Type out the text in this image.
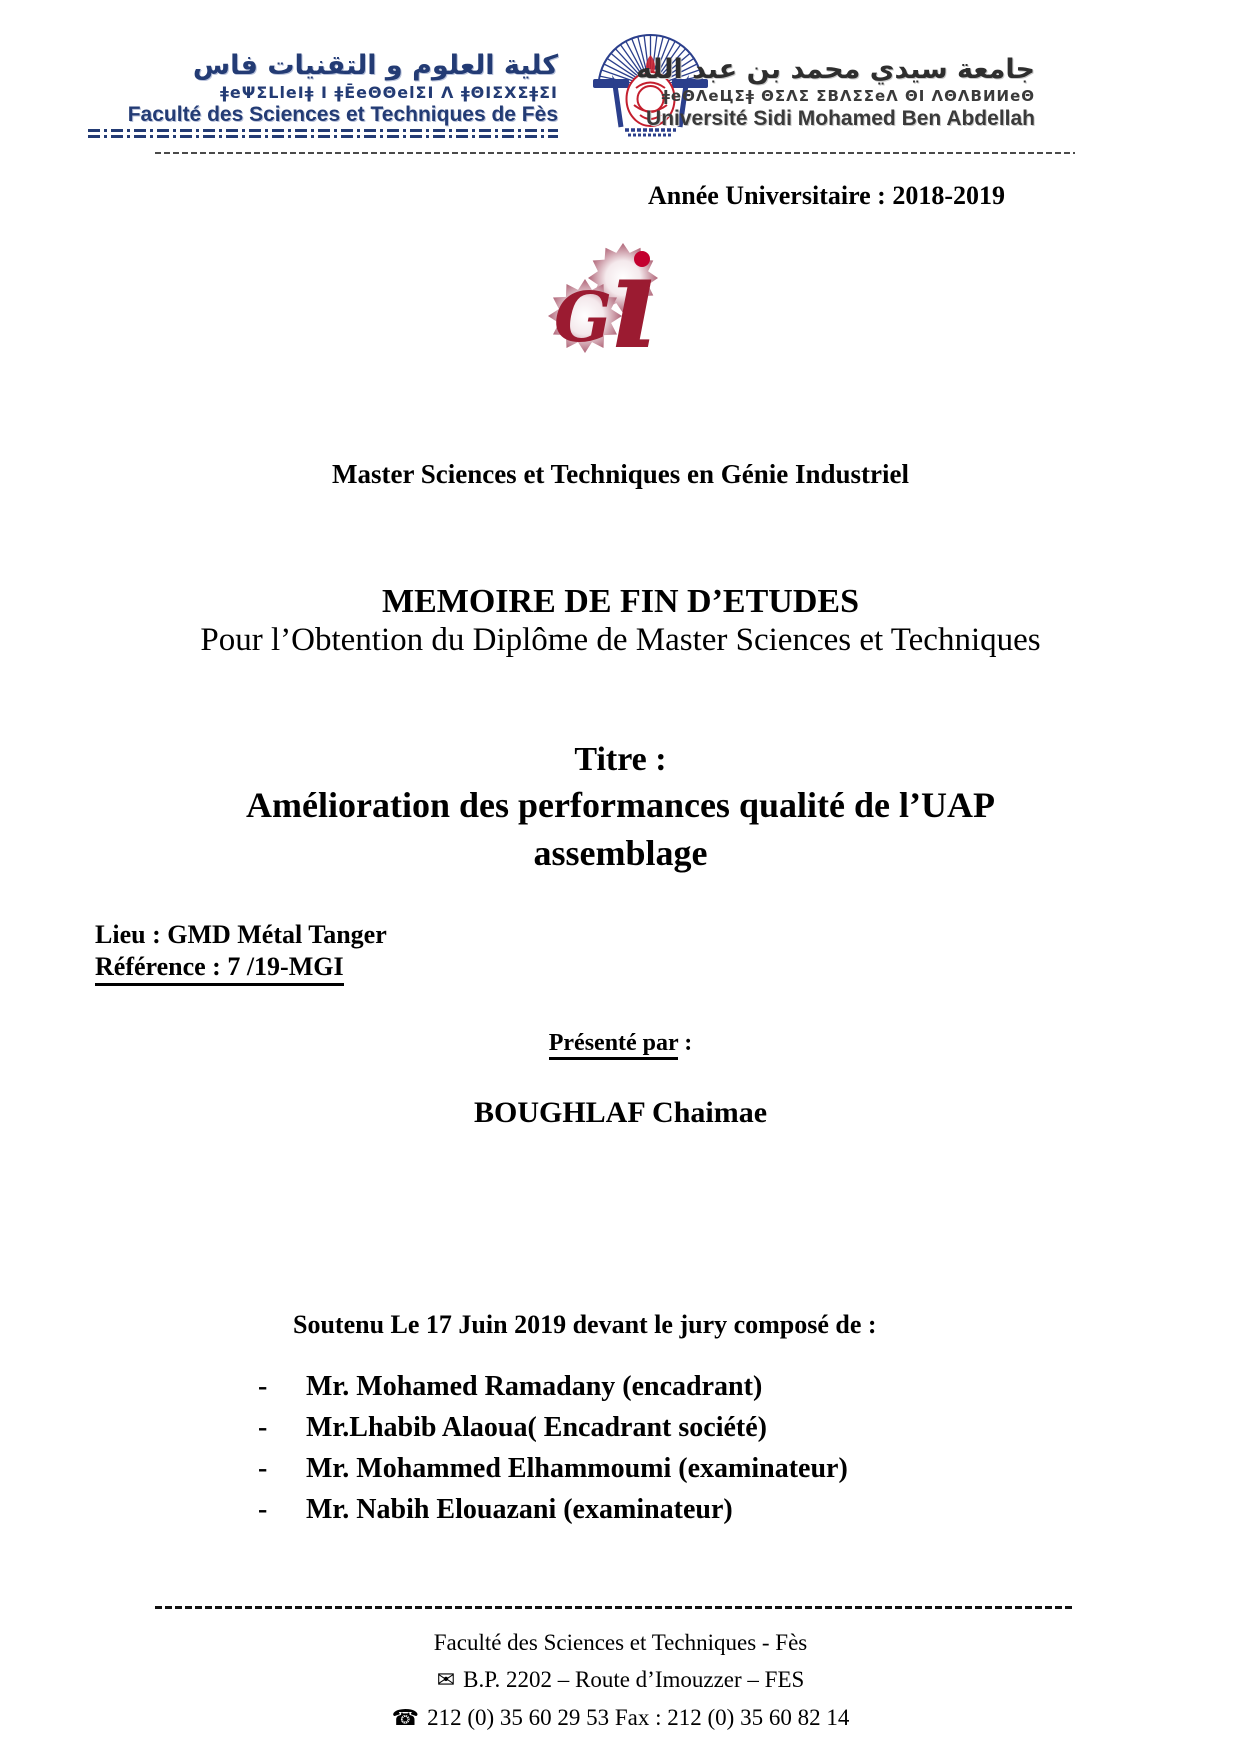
كلية العلوم و التقنيات فاس
ǂeΨƩLleIǂ I ǂĒeΘΘelƩI Λ ǂΘIƩXƩǂƩI
Faculté des Sciences et Techniques de Fès
جامعة سيدي محمد بن عبد الله
ǂeΘΛeЦƩǂ ΘƩΛƩ ƩΒΛƩƩeΛ ΘI ΛΘΛΒИИeΘ
Université Sidi Mohamed Ben Abdellah
Année Universitaire : 2018-2019
G
ı
Master Sciences et Techniques en Génie Industriel
MEMOIRE DE FIN D’ETUDES
Pour l’Obtention du Diplôme de Master Sciences et Techniques
Titre :
Amélioration des performances qualité de l’UAP
assemblage
Lieu : GMD Métal Tanger
Référence : 7 /19-MGI
Présenté par :
BOUGHLAF Chaimae
Soutenu Le 17 Juin 2019 devant le jury composé de :
-	Mr. Mohamed Ramadany (encadrant)
-	Mr.Lhabib Alaoua( Encadrant société)
-	Mr. Mohammed Elhammoumi (examinateur)
-	Mr. Nabih Elouazani (examinateur)
Faculté des Sciences et Techniques - Fès
✉ B.P. 2202 – Route d’Imouzzer – FES
☎ 212 (0) 35 60 29 53 Fax : 212 (0) 35 60 82 14
